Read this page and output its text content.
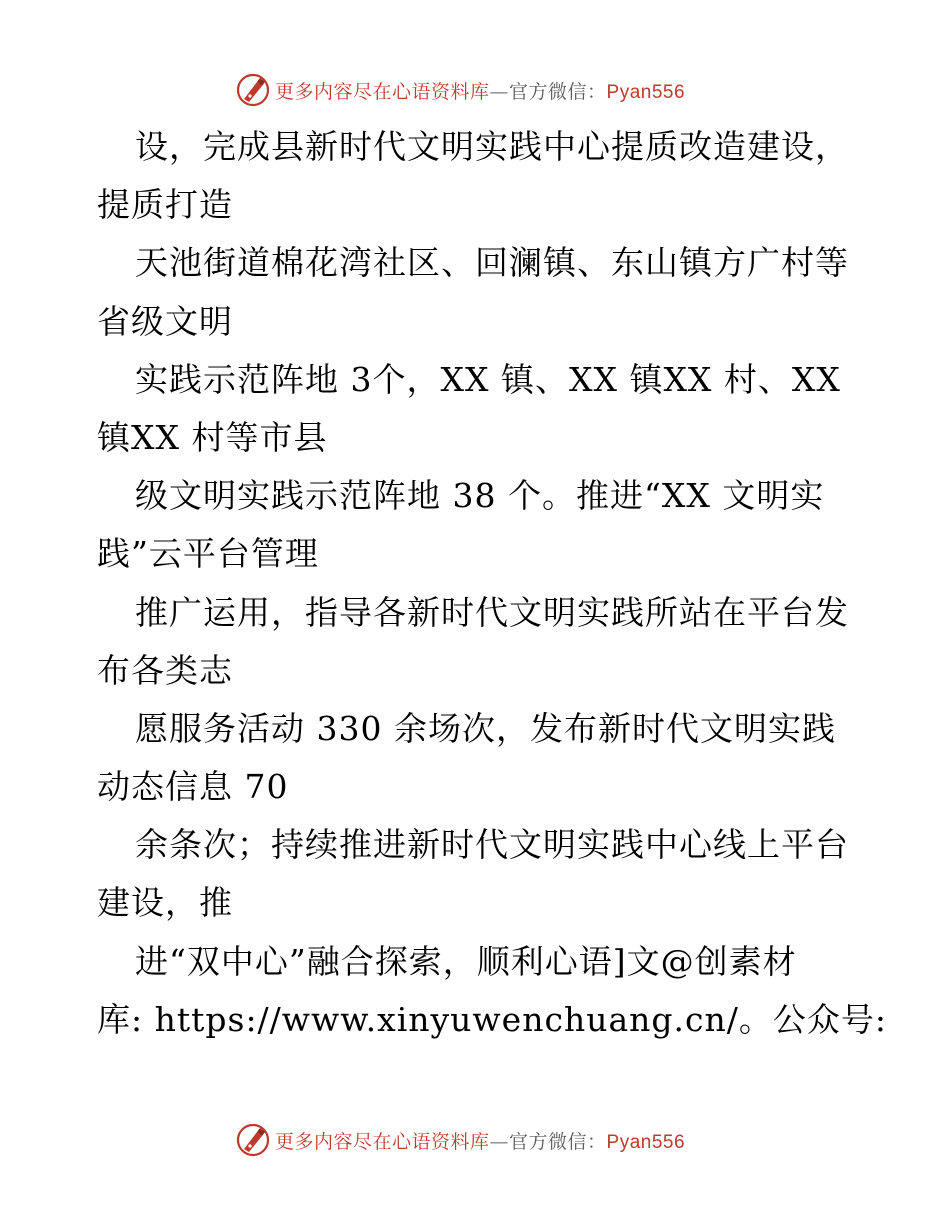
更多内容尽在心语资料库—官方微信：Pyan556
设，完成县新时代文明实践中心提质改造建设，
提质打造
天池街道棉花湾社区、回澜镇、东山镇方广村等
省级文明
实践示范阵地 3个，XX 镇、XX 镇XX 村、XX
镇XX 村等市县
级文明实践示范阵地 38 个。推进“XX 文明实
践”云平台管理
推广运用，指导各新时代文明实践所站在平台发
布各类志
愿服务活动 330 余场次，发布新时代文明实践
动态信息 70
余条次；持续推进新时代文明实践中心线上平台
建设，推
进“双中心”融合探索，顺利心语]文@创素材
库: https://www.xinyuwenchuang.cn/。公众号:
更多内容尽在心语资料库—官方微信：Pyan556
